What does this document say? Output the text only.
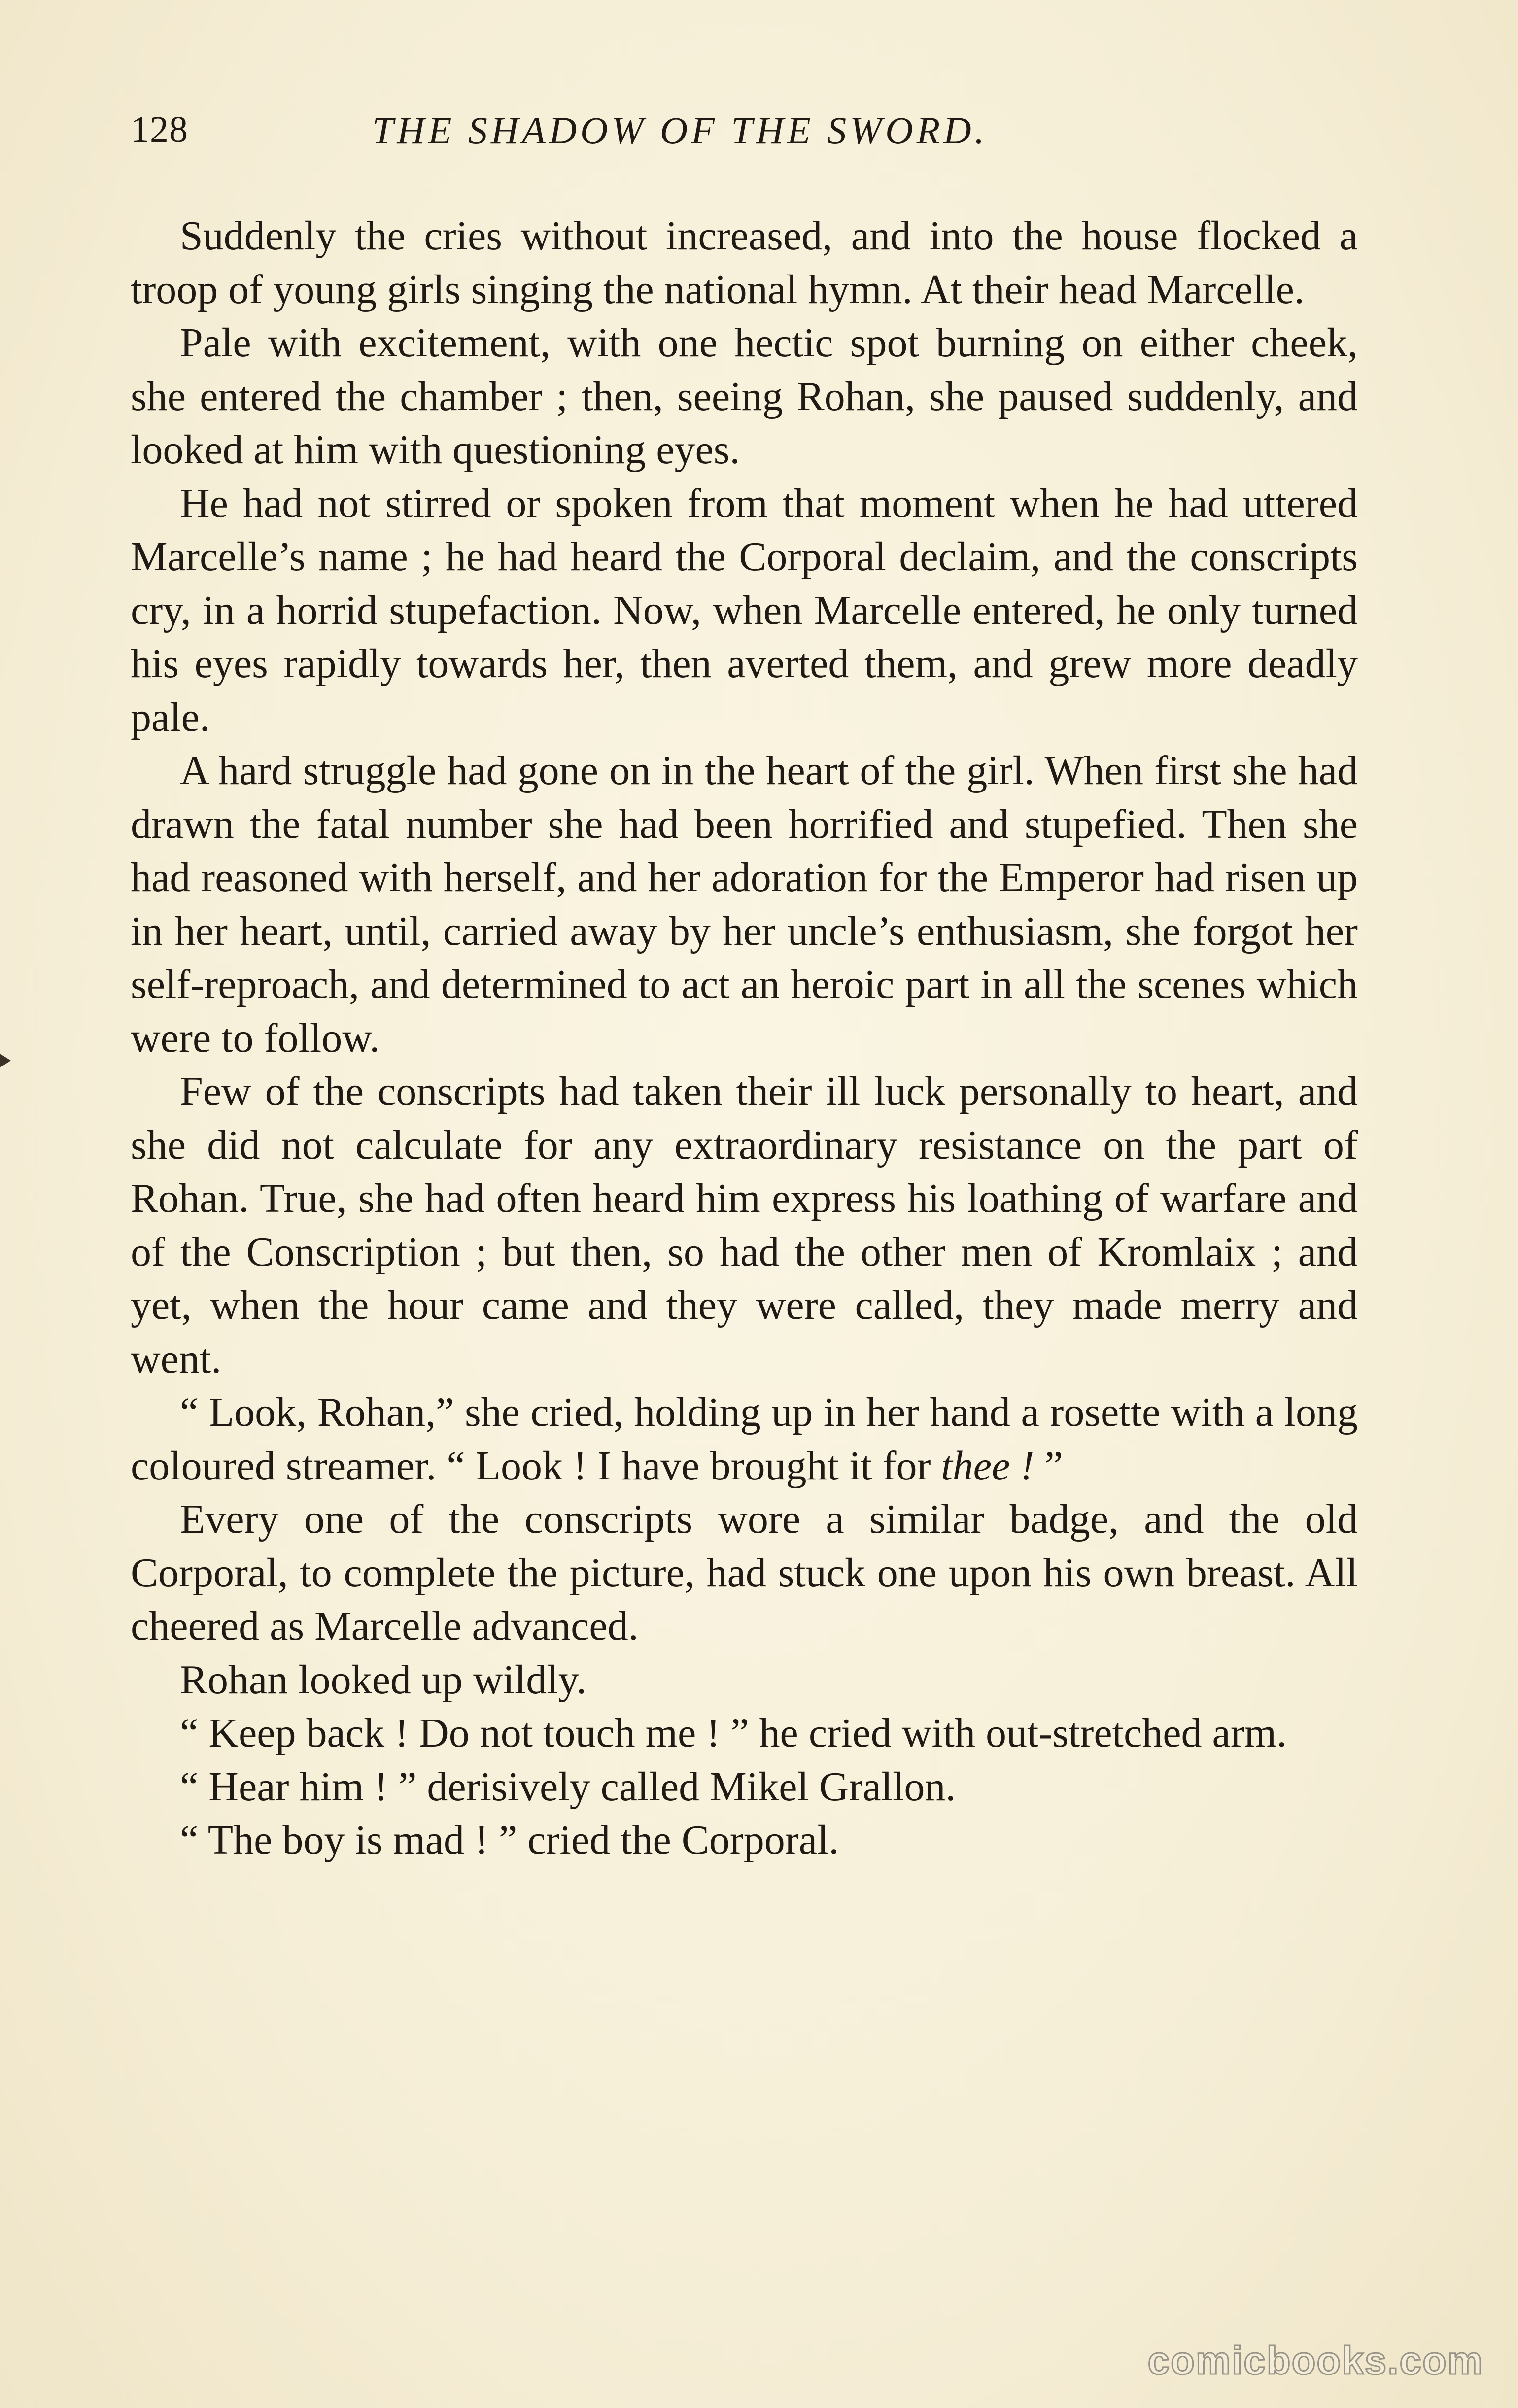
128	THE SHADOW OF THE SWORD.

Suddenly the cries without increased, and into the house flocked a troop of young girls singing the national hymn. At their head Marcelle.

Pale with excitement, with one hectic spot burning on either cheek, she entered the chamber ; then, seeing Rohan, she paused suddenly, and looked at him with questioning eyes.

He had not stirred or spoken from that moment when he had uttered Marcelle’s name ; he had heard the Corporal declaim, and the conscripts cry, in a horrid stupefaction. Now, when Marcelle entered, he only turned his eyes rapidly towards her, then averted them, and grew more deadly pale.

A hard struggle had gone on in the heart of the girl. When first she had drawn the fatal number she had been horrified and stupefied. Then she had reasoned with herself, and her adoration for the Emperor had risen up in her heart, until, carried away by her uncle’s enthusiasm, she forgot her self-reproach, and determined to act an heroic part in all the scenes which were to follow.

Few of the conscripts had taken their ill luck personally to heart, and she did not calculate for any extraordinary resistance on the part of Rohan. True, she had often heard him express his loathing of warfare and of the Conscription ; but then, so had the other men of Kromlaix ; and yet, when the hour came and they were called, they made merry and went.

“ Look, Rohan,” she cried, holding up in her hand a rosette with a long coloured streamer. “ Look ! I have brought it for thee ! ”

Every one of the conscripts wore a similar badge, and the old Corporal, to complete the picture, had stuck one upon his own breast. All cheered as Marcelle advanced.

Rohan looked up wildly.

“ Keep back ! Do not touch me ! ” he cried with out-stretched arm.

“ Hear him ! ” derisively called Mikel Grallon.

“ The boy is mad ! ” cried the Corporal.

comicbooks.com
